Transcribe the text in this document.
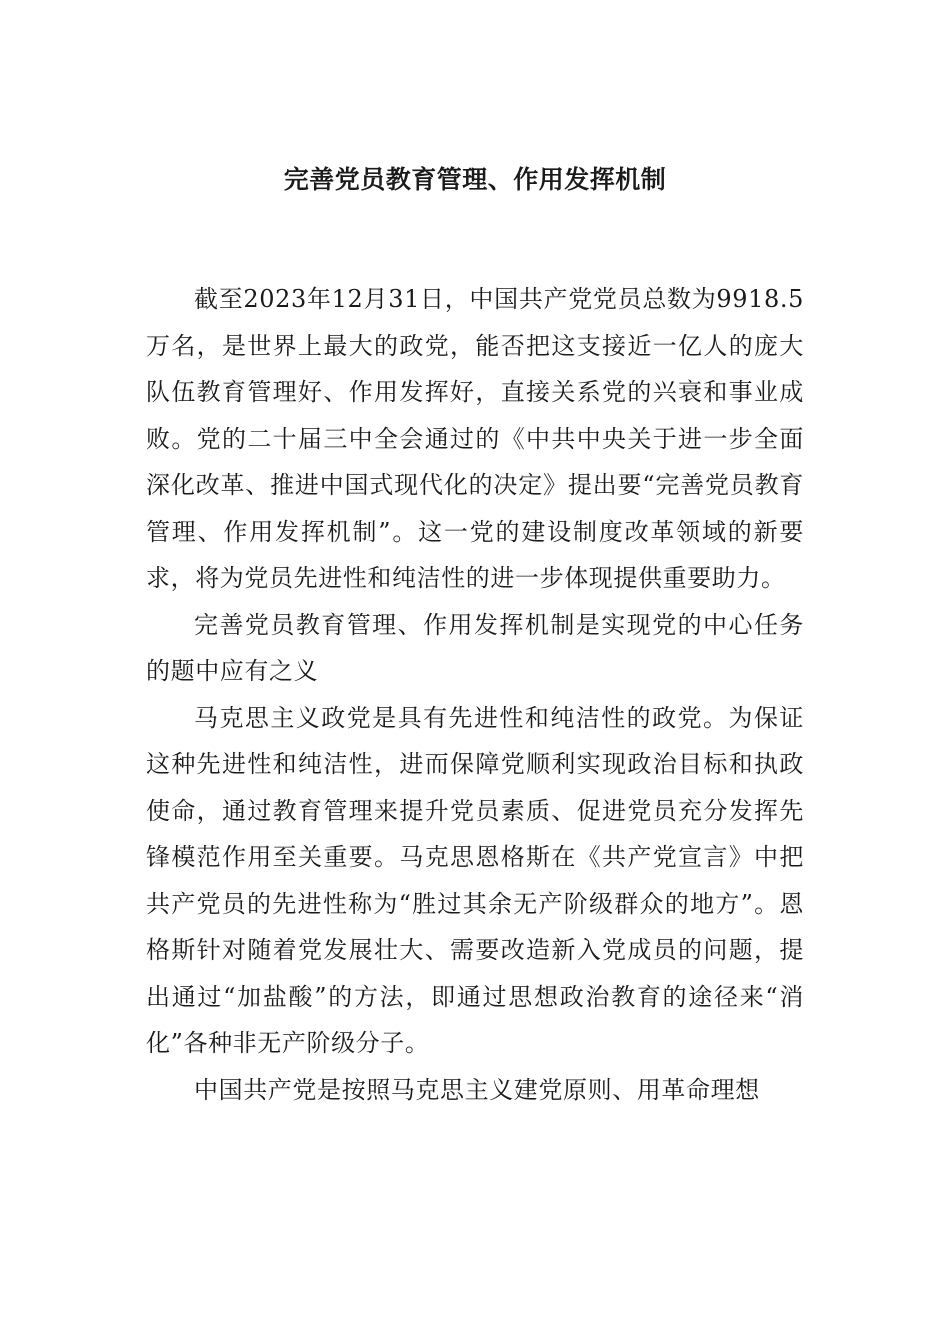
完善党员教育管理、作用发挥机制

截至2023年12月31日，中国共产党党员总数为9918.5万名，是世界上最大的政党，能否把这支接近一亿人的庞大队伍教育管理好、作用发挥好，直接关系党的兴衰和事业成败。党的二十届三中全会通过的《中共中央关于进一步全面深化改革、推进中国式现代化的决定》提出要“完善党员教育管理、作用发挥机制”。这一党的建设制度改革领域的新要求，将为党员先进性和纯洁性的进一步体现提供重要助力。

完善党员教育管理、作用发挥机制是实现党的中心任务的题中应有之义

马克思主义政党是具有先进性和纯洁性的政党。为保证这种先进性和纯洁性，进而保障党顺利实现政治目标和执政使命，通过教育管理来提升党员素质、促进党员充分发挥先锋模范作用至关重要。马克思恩格斯在《共产党宣言》中把共产党员的先进性称为“胜过其余无产阶级群众的地方”。恩格斯针对随着党发展壮大、需要改造新入党成员的问题，提出通过“加盐酸”的方法，即通过思想政治教育的途径来“消化”各种非无产阶级分子。

中国共产党是按照马克思主义建党原则、用革命理想
